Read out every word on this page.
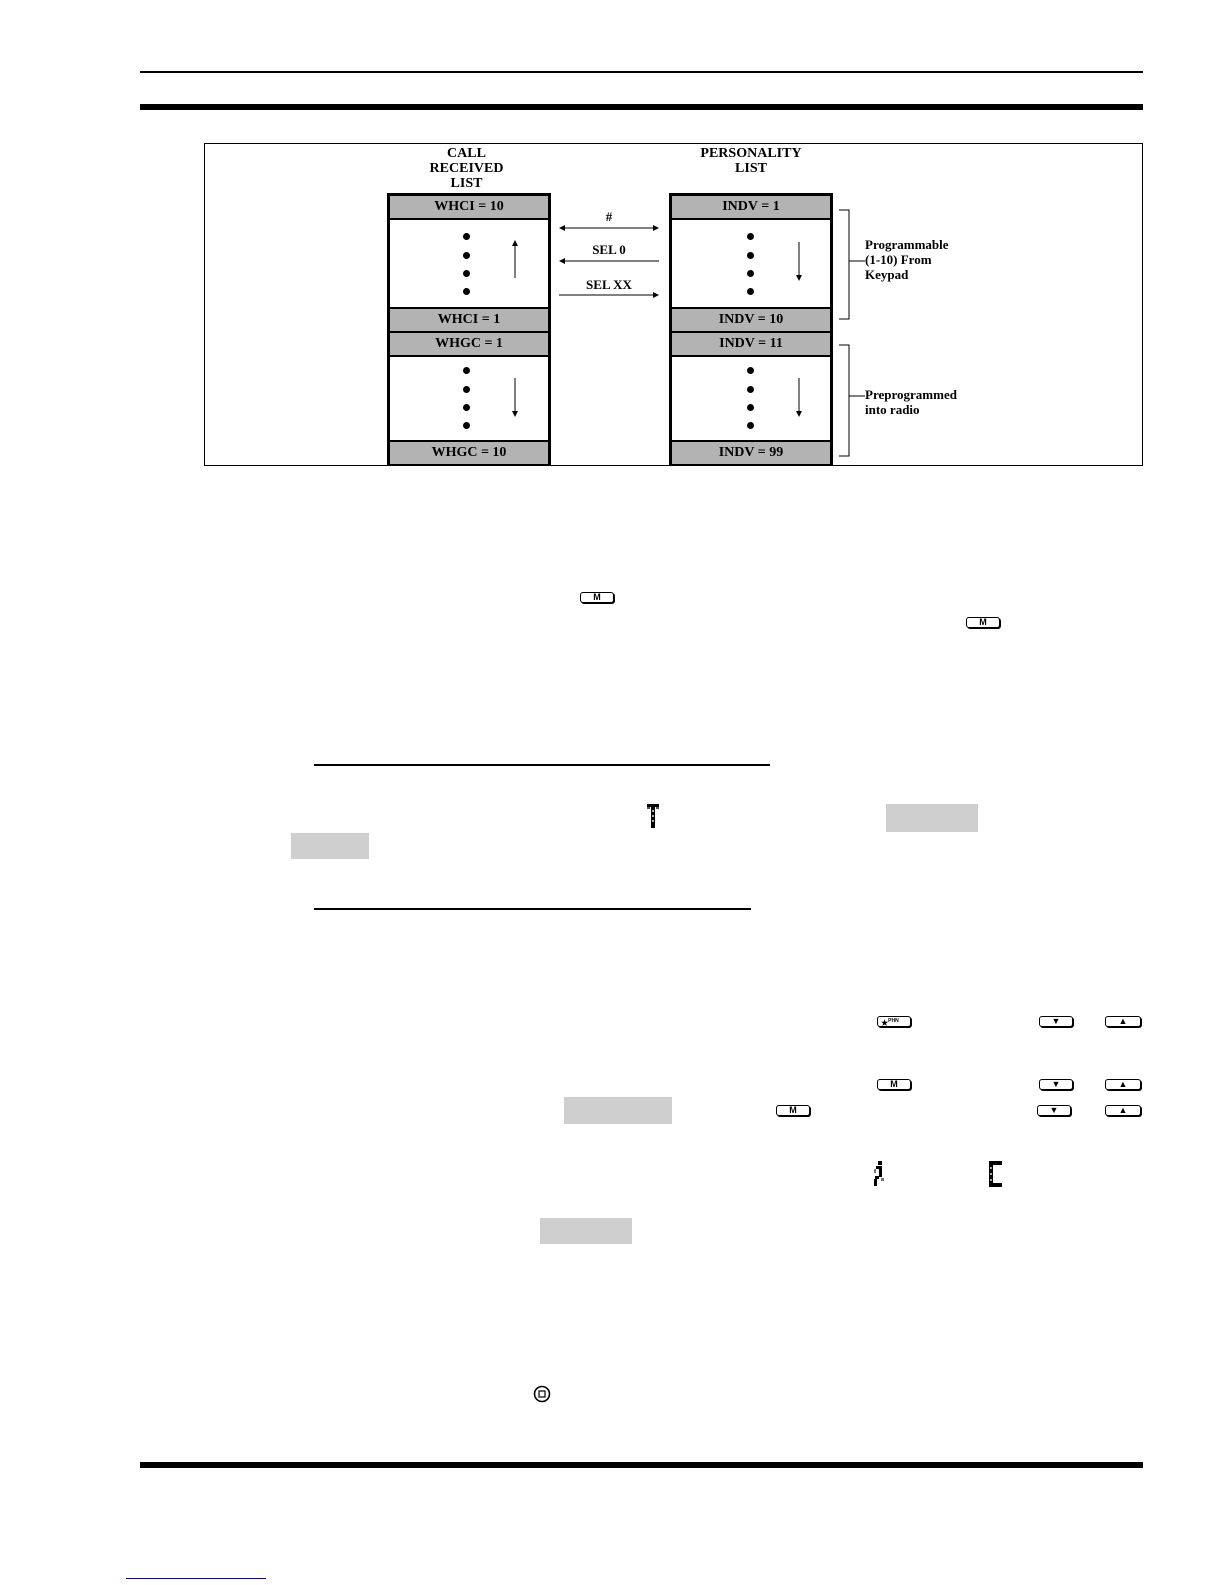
CALL
RECEIVED
LIST
PERSONALITY
LIST
WHCI = 10
WHCI = 1
WHGC = 1
WHGC = 10
INDV = 1
INDV = 10
INDV = 11
INDV = 99
#
SEL 0
SEL XX
Programmable
(1-10) From
Keypad
Preprogrammed
into radio
M
M
★$^{PHN}$	▼	▲
M	▼	▲
M	▼	▲
